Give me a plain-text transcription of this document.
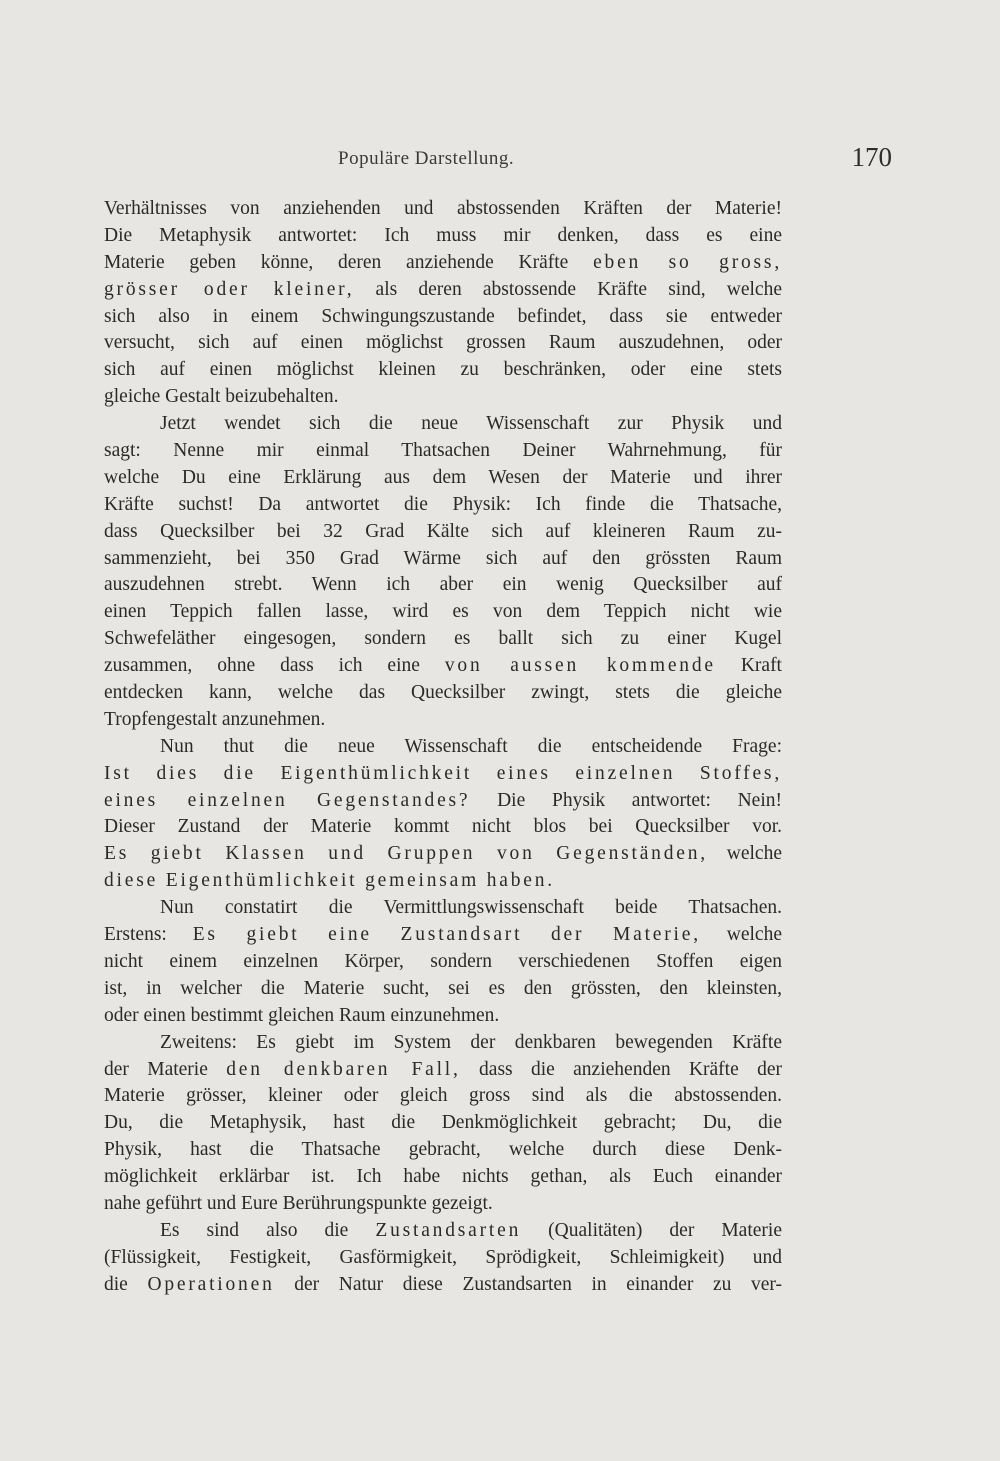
Populäre Darstellung.	170
Verhältnisses von anziehenden und abstossenden Kräften der Materie!
Die Metaphysik antwortet: Ich muss mir denken, dass es eine
Materie geben könne, deren anziehende Kräfte eben so gross,
grösser oder kleiner, als deren abstossende Kräfte sind, welche
sich also in einem Schwingungszustande befindet, dass sie entweder
versucht, sich auf einen möglichst grossen Raum auszudehnen, oder
sich auf einen möglichst kleinen zu beschränken, oder eine stets
gleiche Gestalt beizubehalten.
Jetzt wendet sich die neue Wissenschaft zur Physik und
sagt: Nenne mir einmal Thatsachen Deiner Wahrnehmung, für
welche Du eine Erklärung aus dem Wesen der Materie und ihrer
Kräfte suchst! Da antwortet die Physik: Ich finde die Thatsache,
dass Quecksilber bei 32 Grad Kälte sich auf kleineren Raum zu-
sammenzieht, bei 350 Grad Wärme sich auf den grössten Raum
auszudehnen strebt. Wenn ich aber ein wenig Quecksilber auf
einen Teppich fallen lasse, wird es von dem Teppich nicht wie
Schwefeläther eingesogen, sondern es ballt sich zu einer Kugel
zusammen, ohne dass ich eine von aussen kommende Kraft
entdecken kann, welche das Quecksilber zwingt, stets die gleiche
Tropfengestalt anzunehmen.
Nun thut die neue Wissenschaft die entscheidende Frage:
Ist dies die Eigenthümlichkeit eines einzelnen Stoffes,
eines einzelnen Gegenstandes? Die Physik antwortet: Nein!
Dieser Zustand der Materie kommt nicht blos bei Quecksilber vor.
Es giebt Klassen und Gruppen von Gegenständen, welche
diese Eigenthümlichkeit gemeinsam haben.
Nun constatirt die Vermittlungswissenschaft beide Thatsachen.
Erstens: Es giebt eine Zustandsart der Materie, welche
nicht einem einzelnen Körper, sondern verschiedenen Stoffen eigen
ist, in welcher die Materie sucht, sei es den grössten, den kleinsten,
oder einen bestimmt gleichen Raum einzunehmen.
Zweitens: Es giebt im System der denkbaren bewegenden Kräfte
der Materie den denkbaren Fall, dass die anziehenden Kräfte der
Materie grösser, kleiner oder gleich gross sind als die abstossenden.
Du, die Metaphysik, hast die Denkmöglichkeit gebracht; Du, die
Physik, hast die Thatsache gebracht, welche durch diese Denk-
möglichkeit erklärbar ist. Ich habe nichts gethan, als Euch einander
nahe geführt und Eure Berührungspunkte gezeigt.
Es sind also die Zustandsarten (Qualitäten) der Materie
(Flüssigkeit, Festigkeit, Gasförmigkeit, Sprödigkeit, Schleimigkeit) und
die Operationen der Natur diese Zustandsarten in einander zu ver-
